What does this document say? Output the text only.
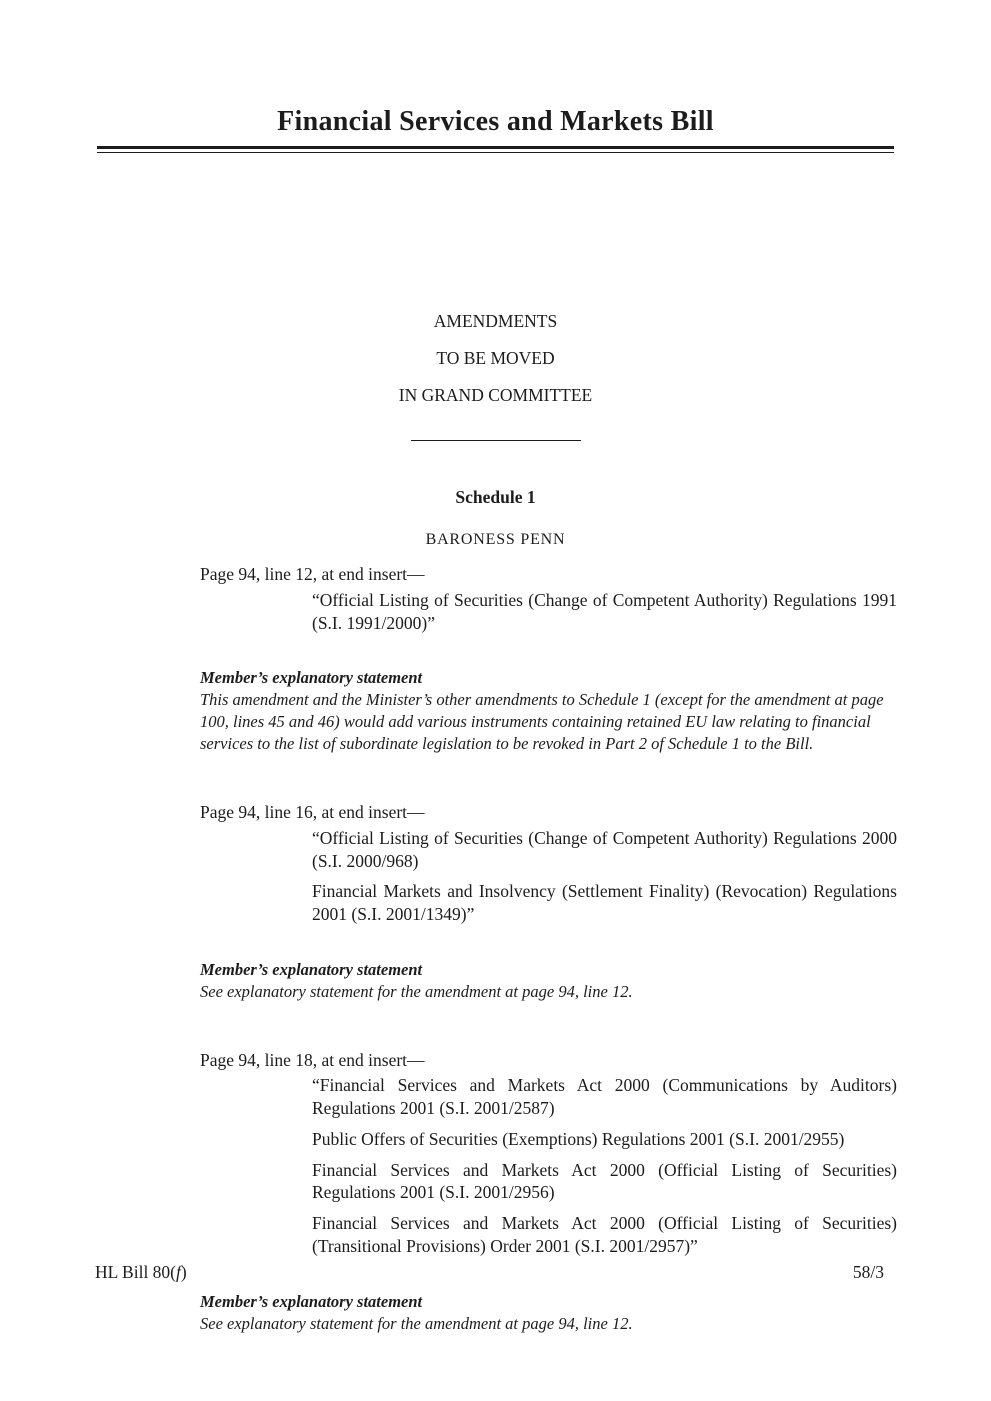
Financial Services and Markets Bill

AMENDMENTS

TO BE MOVED

IN GRAND COMMITTEE

Schedule 1

BARONESS PENN

Page 94, line 12, at end insert—

“Official Listing of Securities (Change of Competent Authority) Regulations 1991 (S.I. 1991/2000)”

Member’s explanatory statement

This amendment and the Minister’s other amendments to Schedule 1 (except for the amendment at page 100, lines 45 and 46) would add various instruments containing retained EU law relating to financial services to the list of subordinate legislation to be revoked in Part 2 of Schedule 1 to the Bill.

Page 94, line 16, at end insert—

“Official Listing of Securities (Change of Competent Authority) Regulations 2000 (S.I. 2000/968)

Financial Markets and Insolvency (Settlement Finality) (Revocation) Regulations 2001 (S.I. 2001/1349)”

Member’s explanatory statement

See explanatory statement for the amendment at page 94, line 12.

Page 94, line 18, at end insert—

“Financial Services and Markets Act 2000 (Communications by Auditors) Regulations 2001 (S.I. 2001/2587)

Public Offers of Securities (Exemptions) Regulations 2001 (S.I. 2001/2955)

Financial Services and Markets Act 2000 (Official Listing of Securities) Regulations 2001 (S.I. 2001/2956)

Financial Services and Markets Act 2000 (Official Listing of Securities) (Transitional Provisions) Order 2001 (S.I. 2001/2957)”

Member’s explanatory statement

See explanatory statement for the amendment at page 94, line 12.

HL Bill 80(f)	58/3
